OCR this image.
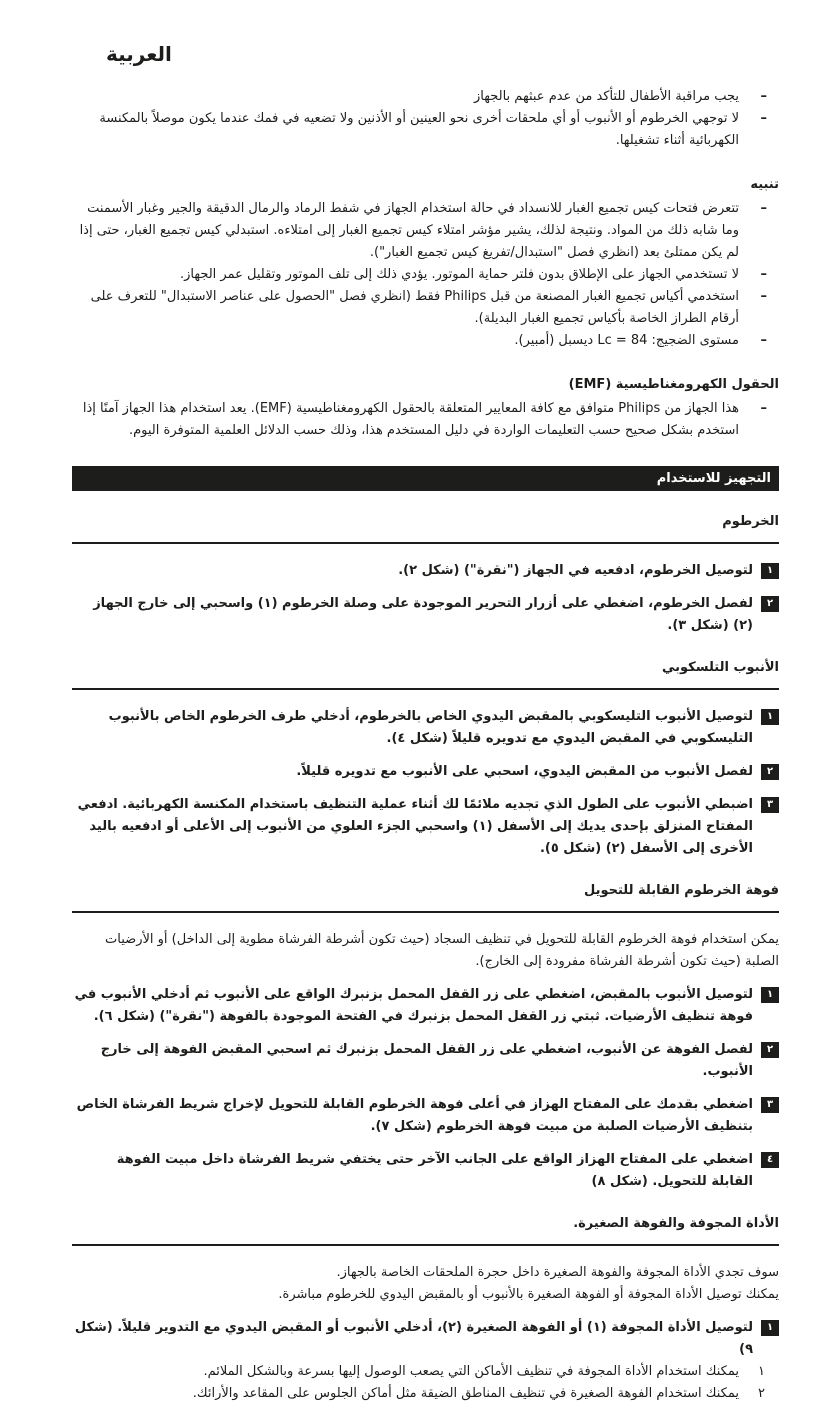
العربية
–
يجب مراقبة الأطفال للتأكد من عدم عبثهم بالجهاز
–
لا توجهي الخرطوم أو الأنبوب أو أي ملحقات أخرى نحو العينين أو الأذنين ولا تضعيه في فمك عندما يكون موصلاً بالمكنسة الكهربائية أثناء تشغيلها.
تنبيه
–
تتعرض فتحات كيس تجميع الغبار للانسداد في حالة استخدام الجهاز في شفط الرماد والرمال الدقيقة والجير وغبار الأسمنت وما شابه ذلك من المواد. ونتيجة لذلك، يشير مؤشر امتلاء كيس تجميع الغبار إلى امتلاءه. استبدلي كيس تجميع الغبار، حتى إذا لم يكن ممتلئ بعد (انظري فصل "استبدال/تفريغ كيس تجميع الغبار").
–
لا تستخدمي الجهاز على الإطلاق بدون فلتر حماية الموتور. يؤدي ذلك إلى تلف الموتور وتقليل عمر الجهاز.
–
استخدمي أكياس تجميع الغبار المصنعة من قبل Philips فقط (انظري فصل "الحصول على عناصر الاستبدال" للتعرف على أرقام الطراز الخاصة بأكياس تجميع الغبار البديلة).
–
مستوى الضجيج: Lc = 84 ديسبل (أمبير).
الحقول الكهرومغناطيسية (EMF)
–
هذا الجهاز من Philips متوافق مع كافة المعايير المتعلقة بالحقول الكهرومغناطيسية (EMF). يعد استخدام هذا الجهاز آمنًا إذا استخدم بشكل صحيح حسب التعليمات الواردة في دليل المستخدم هذا، وذلك حسب الدلائل العلمية المتوفرة اليوم.
التجهيز للاستخدام
الخرطوم
١
لتوصيل الخرطوم، ادفعيه في الجهاز ("نقرة") (شكل ٢).
٢
لفصل الخرطوم، اضغطي على أزرار التحرير الموجودة على وصلة الخرطوم (١) واسحبي إلى خارج الجهاز (٢) (شكل ٣).
الأنبوب التلسكوبي
١
لتوصيل الأنبوب التليسكوبي بالمقبض اليدوي الخاص بالخرطوم، أدخلي طرف الخرطوم الخاص بالأنبوب التليسكوبي في المقبض اليدوي مع تدويره قليلاً (شكل ٤).
٢
لفصل الأنبوب من المقبض اليدوي، اسحبي على الأنبوب مع تدويره قليلاً.
٣
اضبطي الأنبوب على الطول الذي تجديه ملائمًا لك أثناء عملية التنظيف باستخدام المكنسة الكهربائية. ادفعي المفتاح المنزلق بإحدى يديك إلى الأسفل (١) واسحبي الجزء العلوي من الأنبوب إلى الأعلى أو ادفعيه باليد الأخرى إلى الأسفل (٢) (شكل ٥).
فوهة الخرطوم القابلة للتحويل
يمكن استخدام فوهة الخرطوم القابلة للتحويل في تنظيف السجاد (حيث تكون أشرطة الفرشاة مطوية إلى الداخل) أو الأرضيات الصلبة (حيث تكون أشرطة الفرشاة مفرودة إلى الخارج).
١
لتوصيل الأنبوب بالمقبض، اضغطي على زر القفل المحمل بزنبرك الواقع على الأنبوب ثم أدخلي الأنبوب في فوهة تنظيف الأرضيات. ثبتي زر القفل المحمل بزنبرك في الفتحة الموجودة بالفوهة ("نقرة") (شكل ٦).
٢
لفصل الفوهة عن الأنبوب، اضغطي على زر القفل المحمل بزنبرك ثم اسحبي المقبض الفوهة إلى خارج الأنبوب.
٣
اضغطي بقدمك على المفتاح الهزاز في أعلى فوهة الخرطوم القابلة للتحويل لإخراج شريط الفرشاة الخاص بتنظيف الأرضيات الصلبة من مبيت فوهة الخرطوم (شكل ٧).
٤
اضغطي على المفتاح الهزاز الواقع على الجانب الآخر حتى يختفي شريط الفرشاة داخل مبيت الفوهة القابلة للتحويل. (شكل ٨)
الأداة المجوفة والفوهة الصغيرة.
سوف تجدي الأداة المجوفة والفوهة الصغيرة داخل حجرة الملحقات الخاصة بالجهاز.
يمكنك توصيل الأداة المجوفة أو الفوهة الصغيرة بالأنبوب أو بالمقبض اليدوي للخرطوم مباشرة.
١
لتوصيل الأداة المجوفة (١) أو الفوهة الصغيرة (٢)، أدخلي الأنبوب أو المقبض اليدوي مع التدوير قليلاً. (شكل ٩)
١
يمكنك استخدام الأداة المجوفة في تنظيف الأماكن التي يصعب الوصول إليها بسرعة وبالشكل الملائم.
٢
يمكنك استخدام الفوهة الصغيرة في تنظيف المناطق الضيقة مثل أماكن الجلوس على المقاعد والأرائك.
